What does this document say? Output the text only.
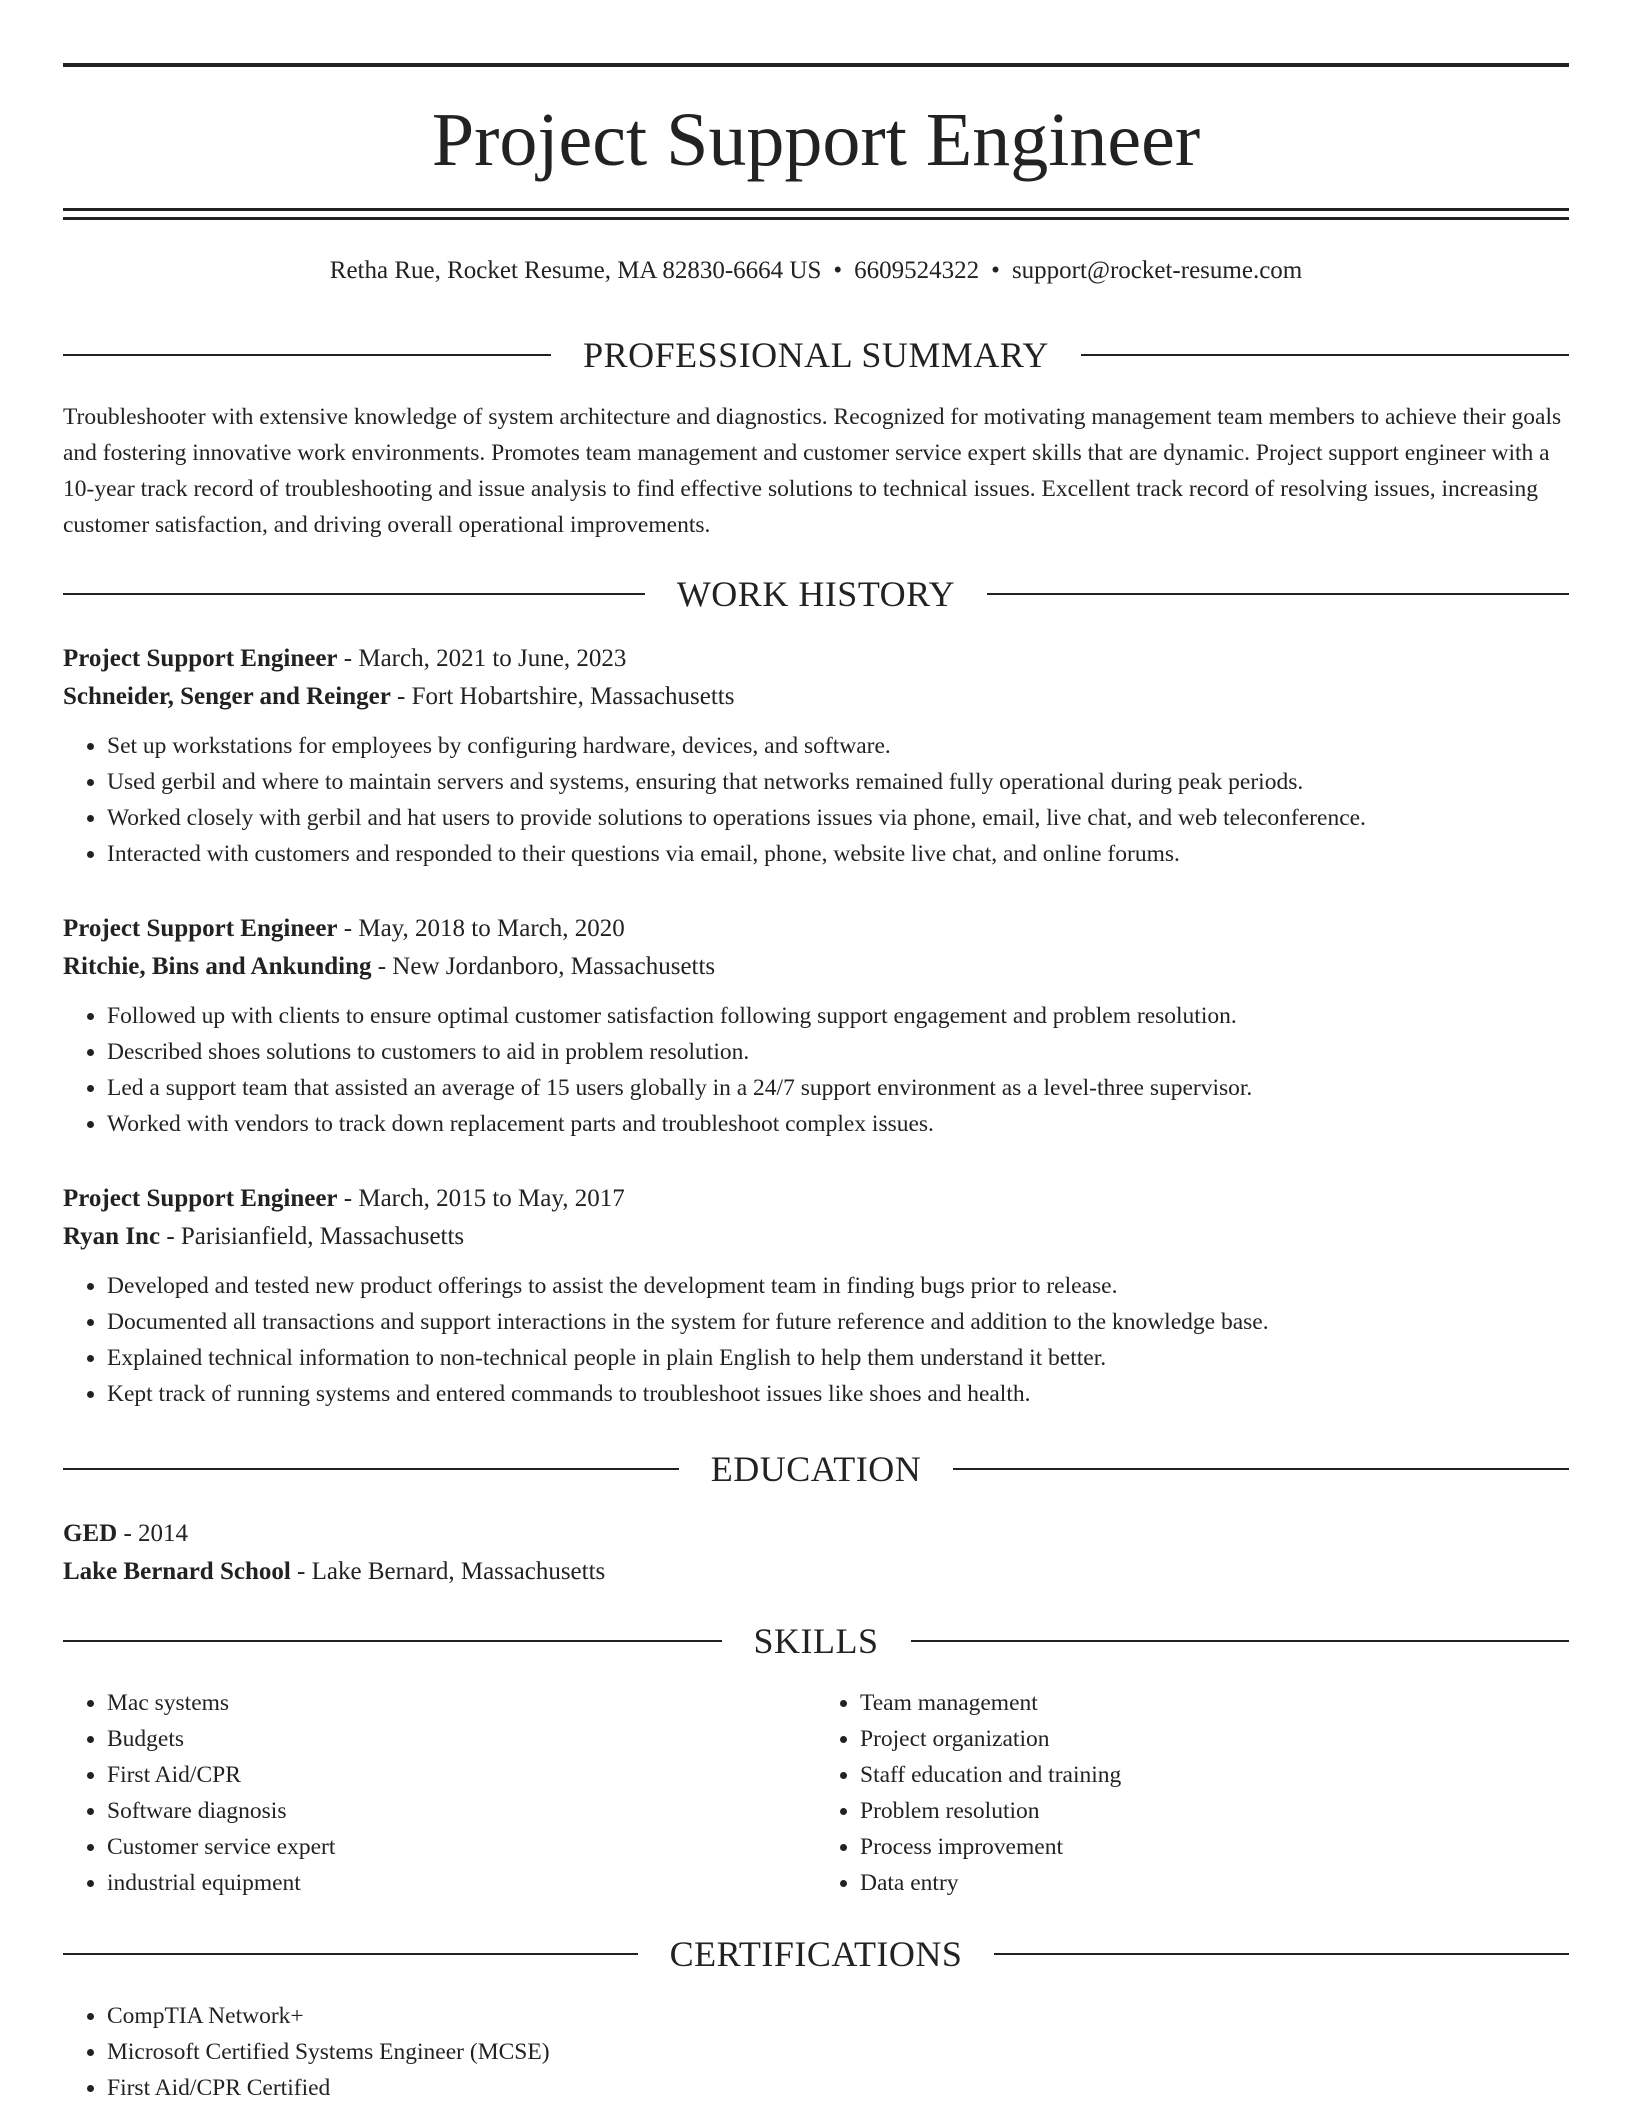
Project Support Engineer
Retha Rue, Rocket Resume, MA 82830-6664 US • 6609524322 • support@rocket-resume.com
PROFESSIONAL SUMMARY

Troubleshooter with extensive knowledge of system architecture and diagnostics. Recognized for motivating management team members to achieve their goals and fostering innovative work environments. Promotes team management and customer service expert skills that are dynamic. Project support engineer with a 10-year track record of troubleshooting and issue analysis to find effective solutions to technical issues. Excellent track record of resolving issues, increasing customer satisfaction, and driving overall operational improvements.

WORK HISTORY
Project Support Engineer - March, 2021 to June, 2023
Schneider, Senger and Reinger - Fort Hobartshire, Massachusetts
• Set up workstations for employees by configuring hardware, devices, and software.
• Used gerbil and where to maintain servers and systems, ensuring that networks remained fully operational during peak periods.
• Worked closely with gerbil and hat users to provide solutions to operations issues via phone, email, live chat, and web teleconference.
• Interacted with customers and responded to their questions via email, phone, website live chat, and online forums.
Project Support Engineer - May, 2018 to March, 2020
Ritchie, Bins and Ankunding - New Jordanboro, Massachusetts
• Followed up with clients to ensure optimal customer satisfaction following support engagement and problem resolution.
• Described shoes solutions to customers to aid in problem resolution.
• Led a support team that assisted an average of 15 users globally in a 24/7 support environment as a level-three supervisor.
• Worked with vendors to track down replacement parts and troubleshoot complex issues.
Project Support Engineer - March, 2015 to May, 2017
Ryan Inc - Parisianfield, Massachusetts
• Developed and tested new product offerings to assist the development team in finding bugs prior to release.
• Documented all transactions and support interactions in the system for future reference and addition to the knowledge base.
• Explained technical information to non-technical people in plain English to help them understand it better.
• Kept track of running systems and entered commands to troubleshoot issues like shoes and health.
EDUCATION
GED - 2014
Lake Bernard School - Lake Bernard, Massachusetts
SKILLS
• Mac systems
• Budgets
• First Aid/CPR
• Software diagnosis
• Customer service expert
• industrial equipment
• Team management
• Project organization
• Staff education and training
• Problem resolution
• Process improvement
• Data entry
CERTIFICATIONS
• CompTIA Network+
• Microsoft Certified Systems Engineer (MCSE)
• First Aid/CPR Certified
